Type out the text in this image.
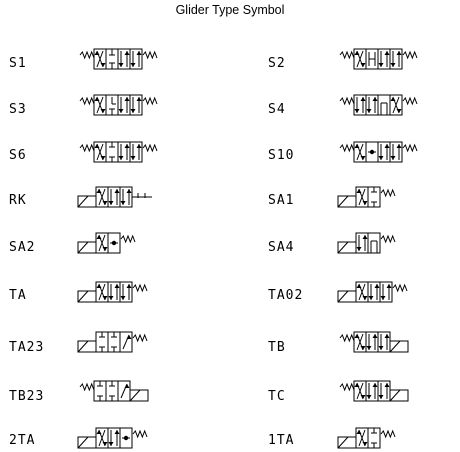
Glider Type Symbol
S1
S3
S6
RK
SA2
TA
TA23
TB23
2TA
S2
S4
S10
SA1
SA4
TA02
TB
TC
1TA
